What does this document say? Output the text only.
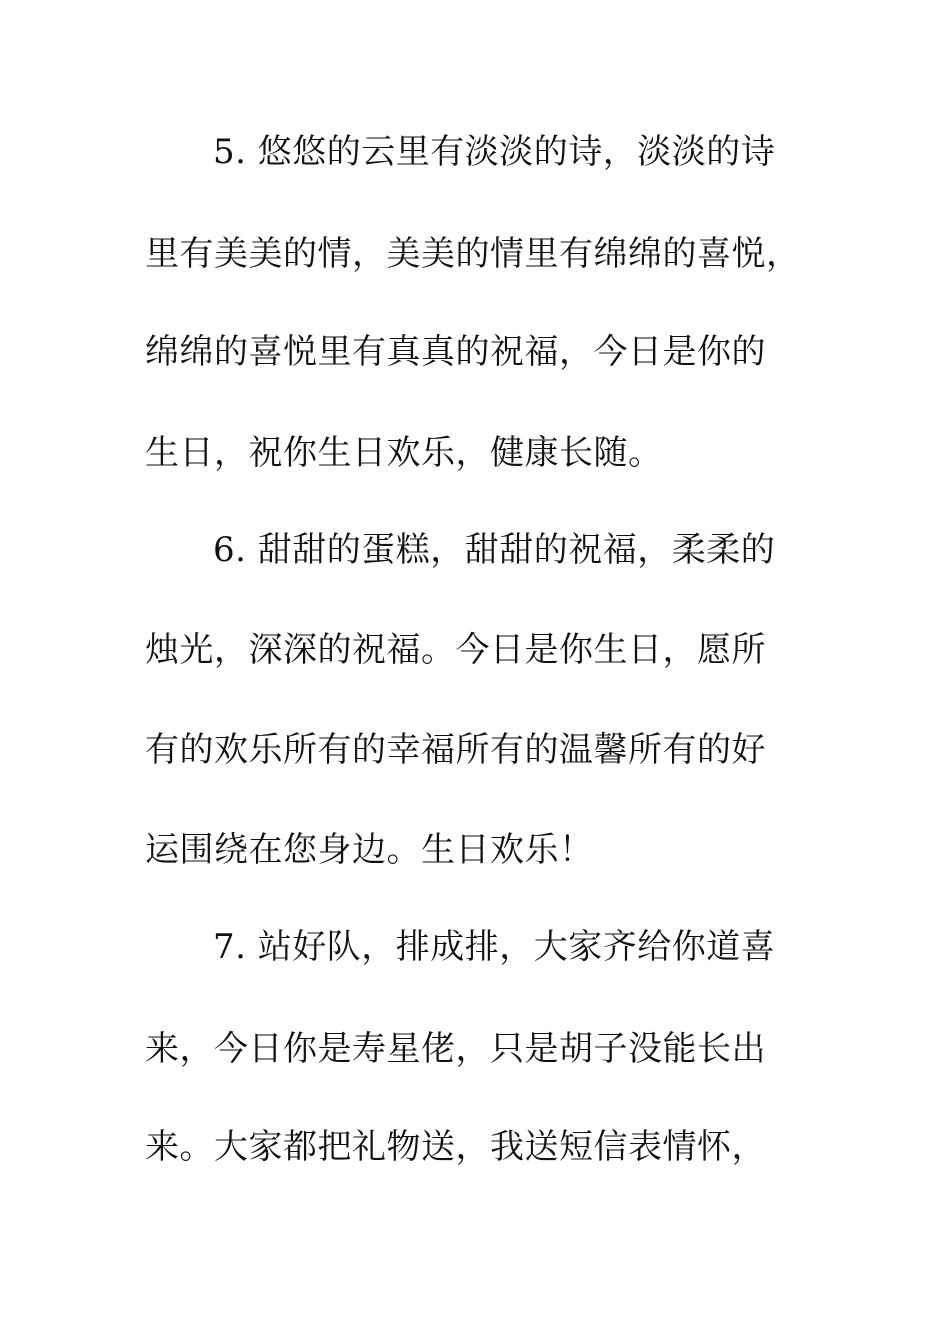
5. 悠悠的云里有淡淡的诗，淡淡的诗
里有美美的情，美美的情里有绵绵的喜悦，
绵绵的喜悦里有真真的祝福，今日是你的
生日，祝你生日欢乐，健康长随。
6. 甜甜的蛋糕，甜甜的祝福，柔柔的
烛光，深深的祝福。今日是你生日，愿所
有的欢乐所有的幸福所有的温馨所有的好
运围绕在您身边。生日欢乐！
7. 站好队，排成排，大家齐给你道喜
来，今日你是寿星佬，只是胡子没能长出
来。大家都把礼物送，我送短信表情怀，
